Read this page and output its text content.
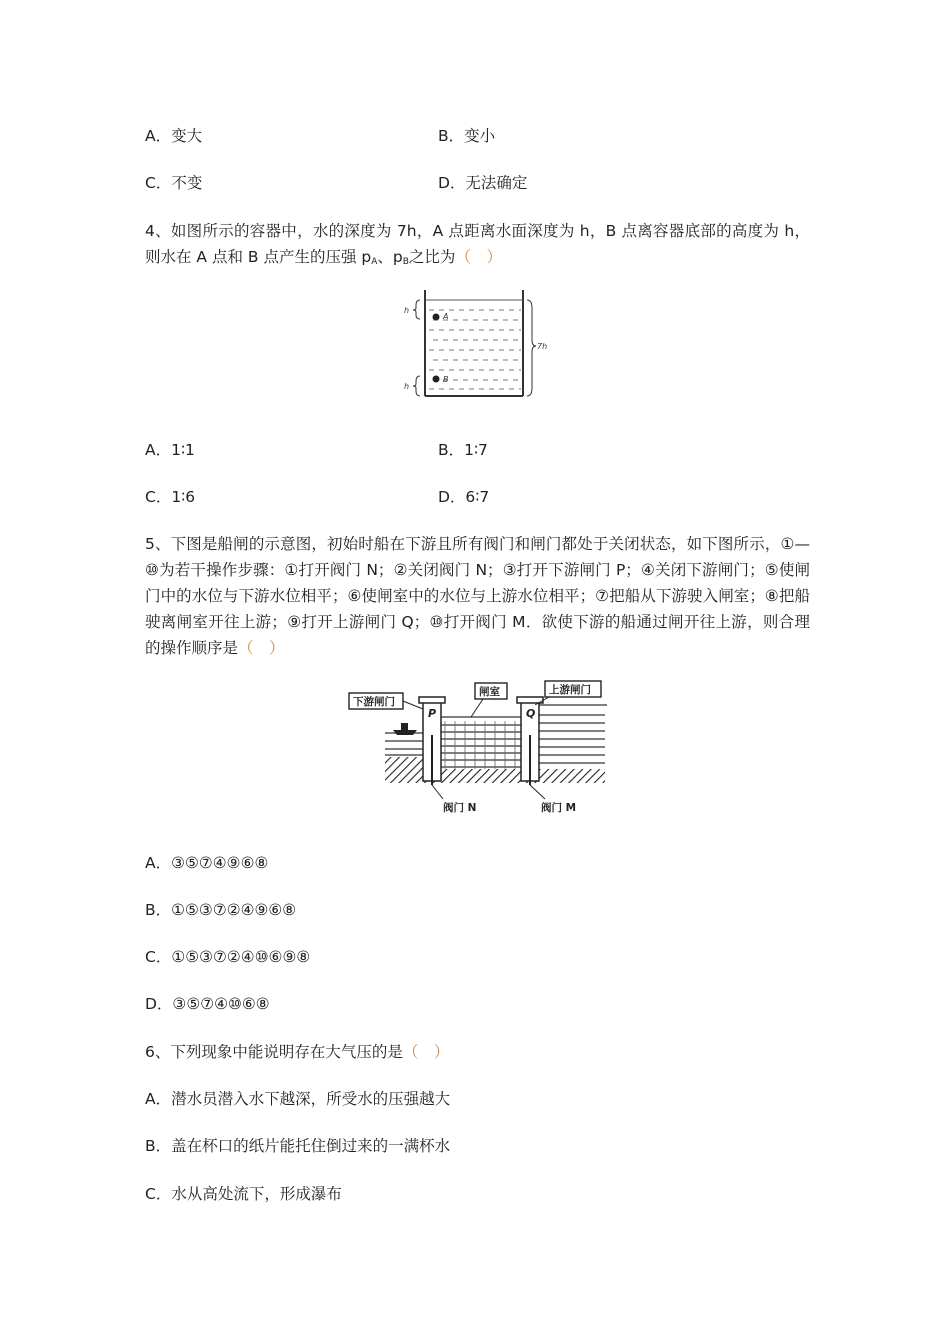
A．变大	B．变小
C．不变	D．无法确定
4、如图所示的容器中，水的深度为 7h，A 点距离水面深度为 h，B 点离容器底部的高度为 h，则水在 A 点和 B 点产生的压强 $p_A$、$p_B$之比为（　）
A
B
h
h
7h
A．1∶1	B．1∶7
C．1∶6	D．6∶7
5、下图是船闸的示意图，初始时船在下游且所有阀门和闸门都处于关闭状态，如下图所示，①—⑩为若干操作步骤：①打开阀门 N；②关闭阀门 N；③打开下游闸门 P；④关闭下游闸门；⑤使闸门中的水位与下游水位相平；⑥使闸室中的水位与上游水位相平；⑦把船从下游驶入闸室；⑧把船驶离闸室开往上游；⑨打开上游闸门 Q；⑩打开阀门 M．欲使下游的船通过闸开往上游，则合理的操作顺序是（　）
P	Q
下游闸门
闸室	上游闸门
阀门 N	阀门 M
A．③⑤⑦④⑨⑥⑧
B．①⑤③⑦②④⑨⑥⑧
C．①⑤③⑦②④⑩⑥⑨⑧
D．③⑤⑦④⑩⑥⑧
6、下列现象中能说明存在大气压的是（　）
A．潜水员潜入水下越深，所受水的压强越大
B．盖在杯口的纸片能托住倒过来的一满杯水
C．水从高处流下，形成瀑布
